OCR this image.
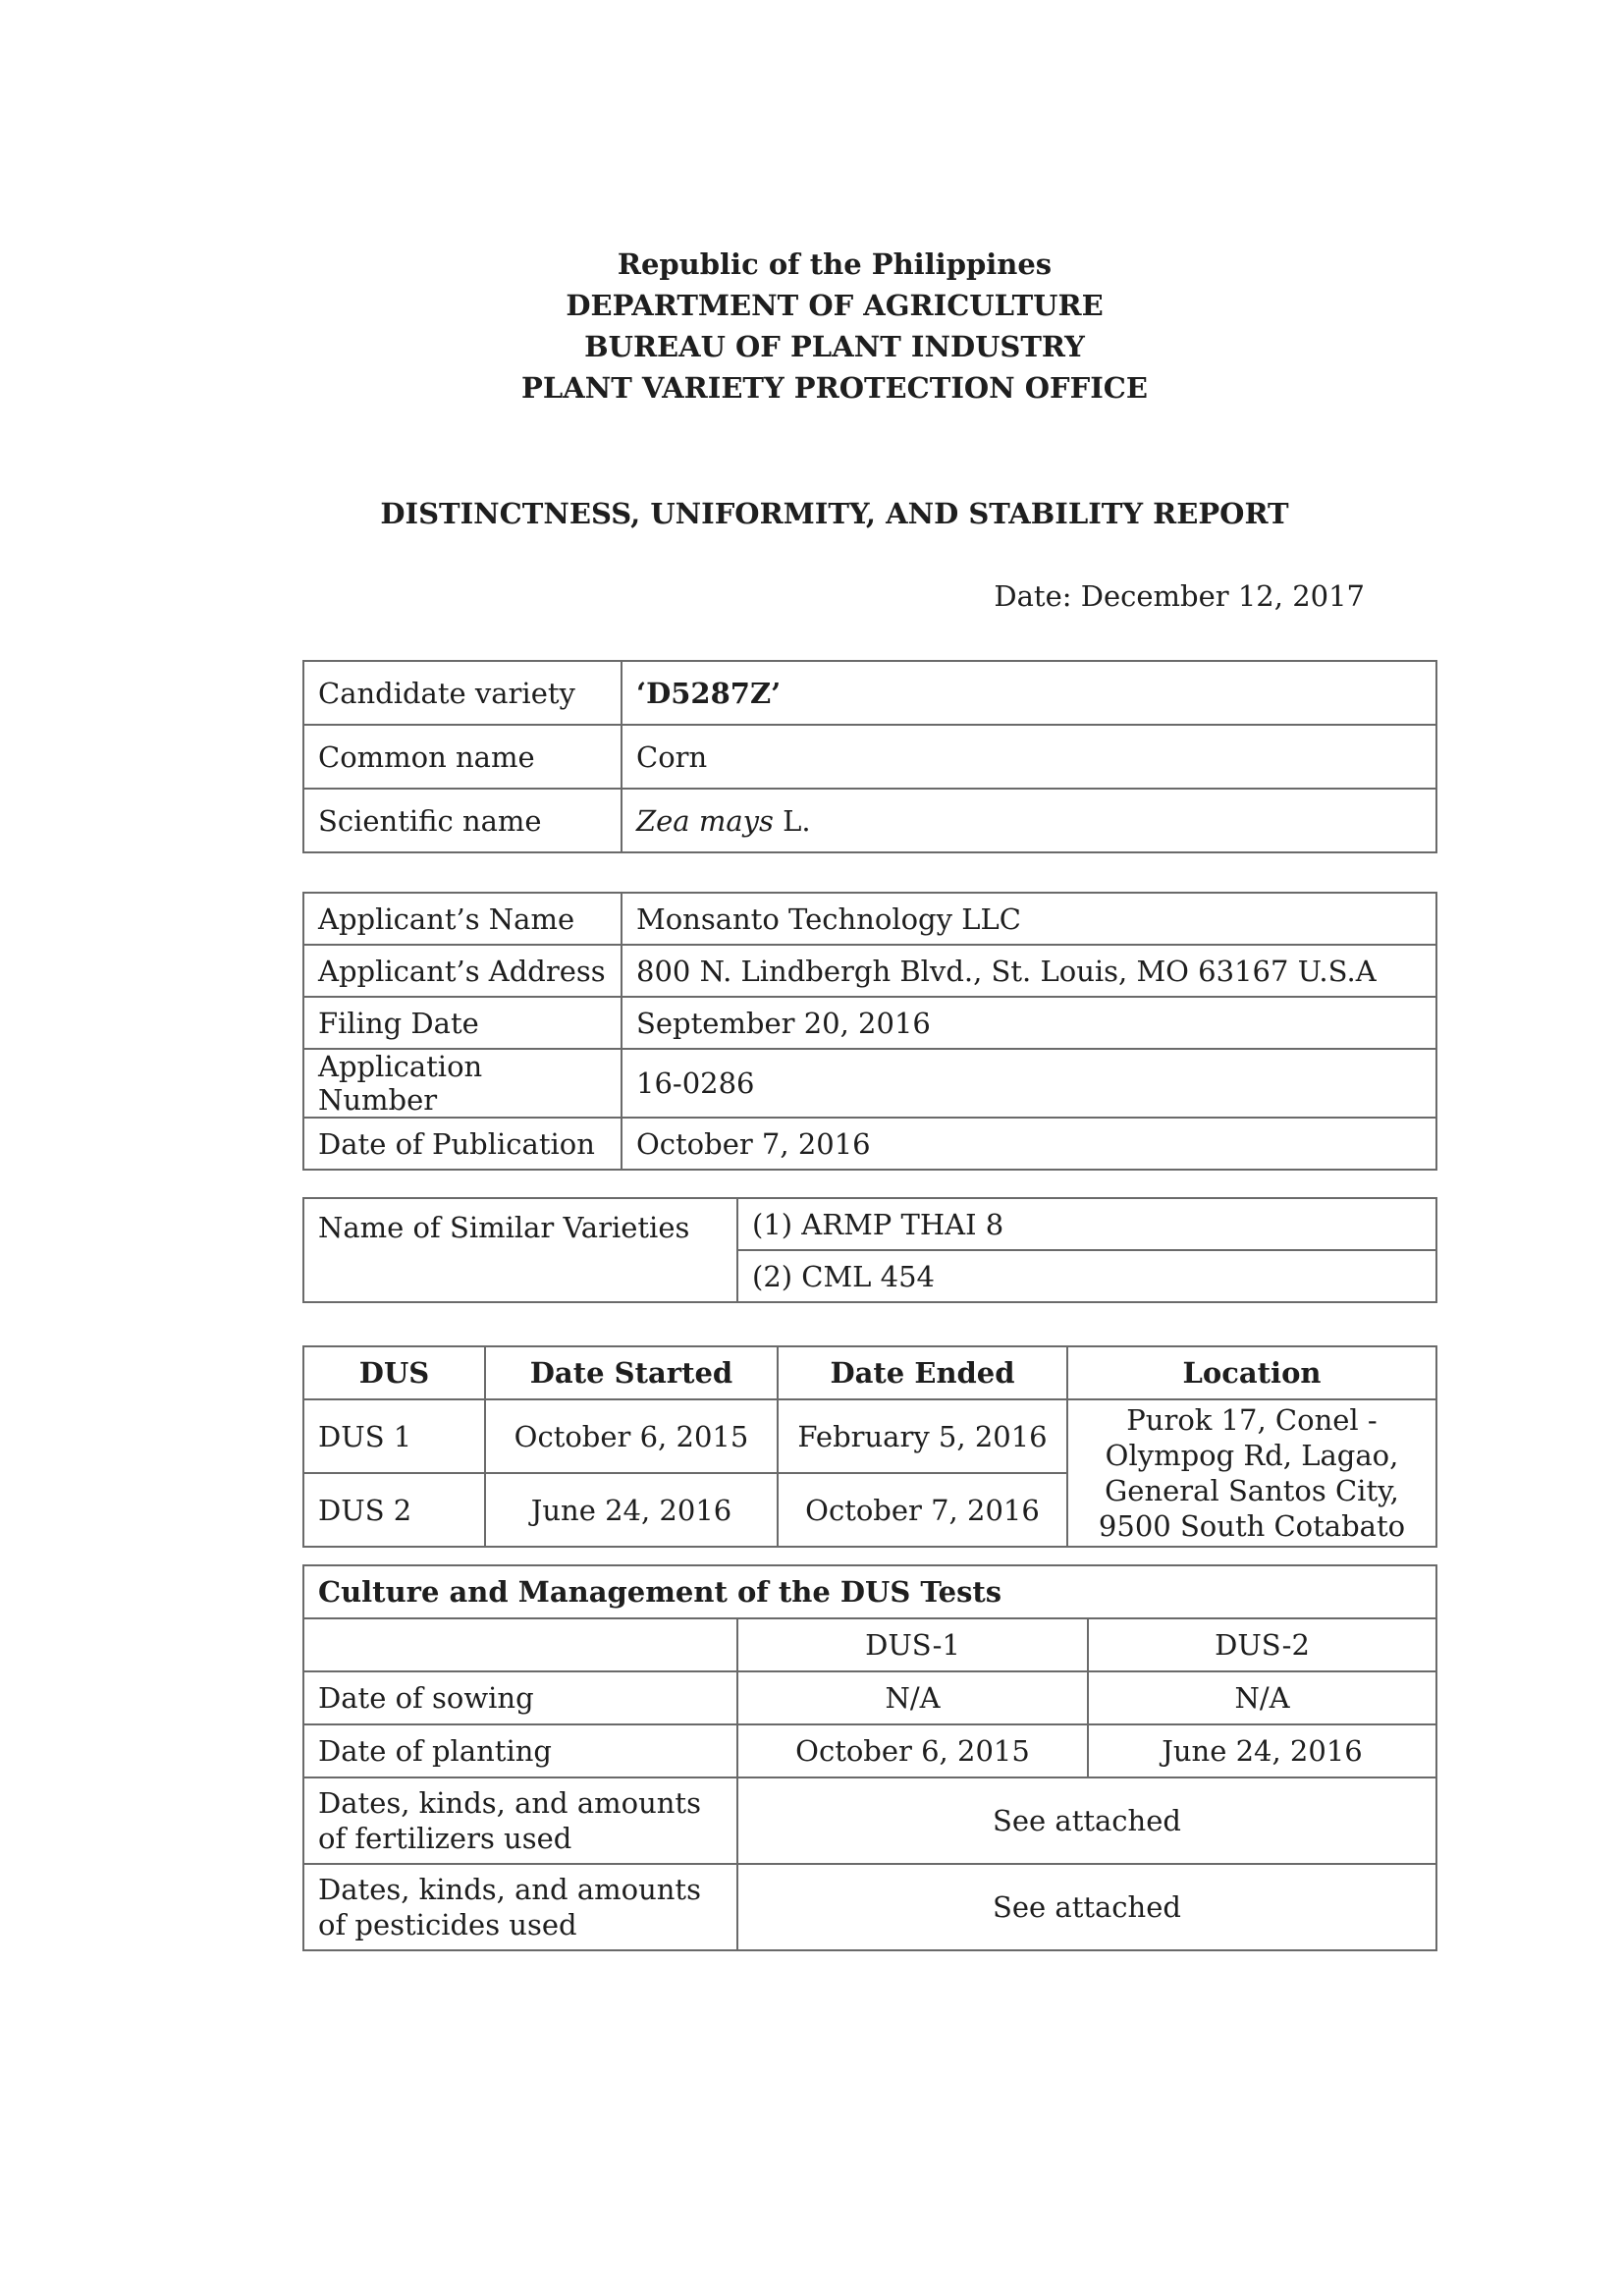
Republic of the Philippines
DEPARTMENT OF AGRICULTURE
BUREAU OF PLANT INDUSTRY
PLANT VARIETY PROTECTION OFFICE
DISTINCTNESS, UNIFORMITY, AND STABILITY REPORT
Date: December 12, 2017
Candidate variety	‘D5287Z’
Common name	Corn
Scientific name	Zea mays L.
Applicant’s Name	Monsanto Technology LLC
Applicant’s Address	800 N. Lindbergh Blvd., St. Louis, MO 63167 U.S.A
Filing Date	September 20, 2016
Application Number	16-0286
Date of Publication	October 7, 2016
Name of Similar Varieties	(1) ARMP THAI 8
(2) CML 454
DUS	Date Started	Date Ended	Location
DUS 1	October 6, 2015	February 5, 2016	Purok 17, Conel - Olympog Rd, Lagao, General Santos City, 9500 South Cotabato
DUS 2	June 24, 2016	October 7, 2016	
Culture and Management of the DUS Tests		
	DUS-1	DUS-2
Date of sowing	N/A	N/A
Date of planting	October 6, 2015	June 24, 2016
Dates, kinds, and amounts of fertilizers used	See attached	
Dates, kinds, and amounts of pesticides used	See attached	
